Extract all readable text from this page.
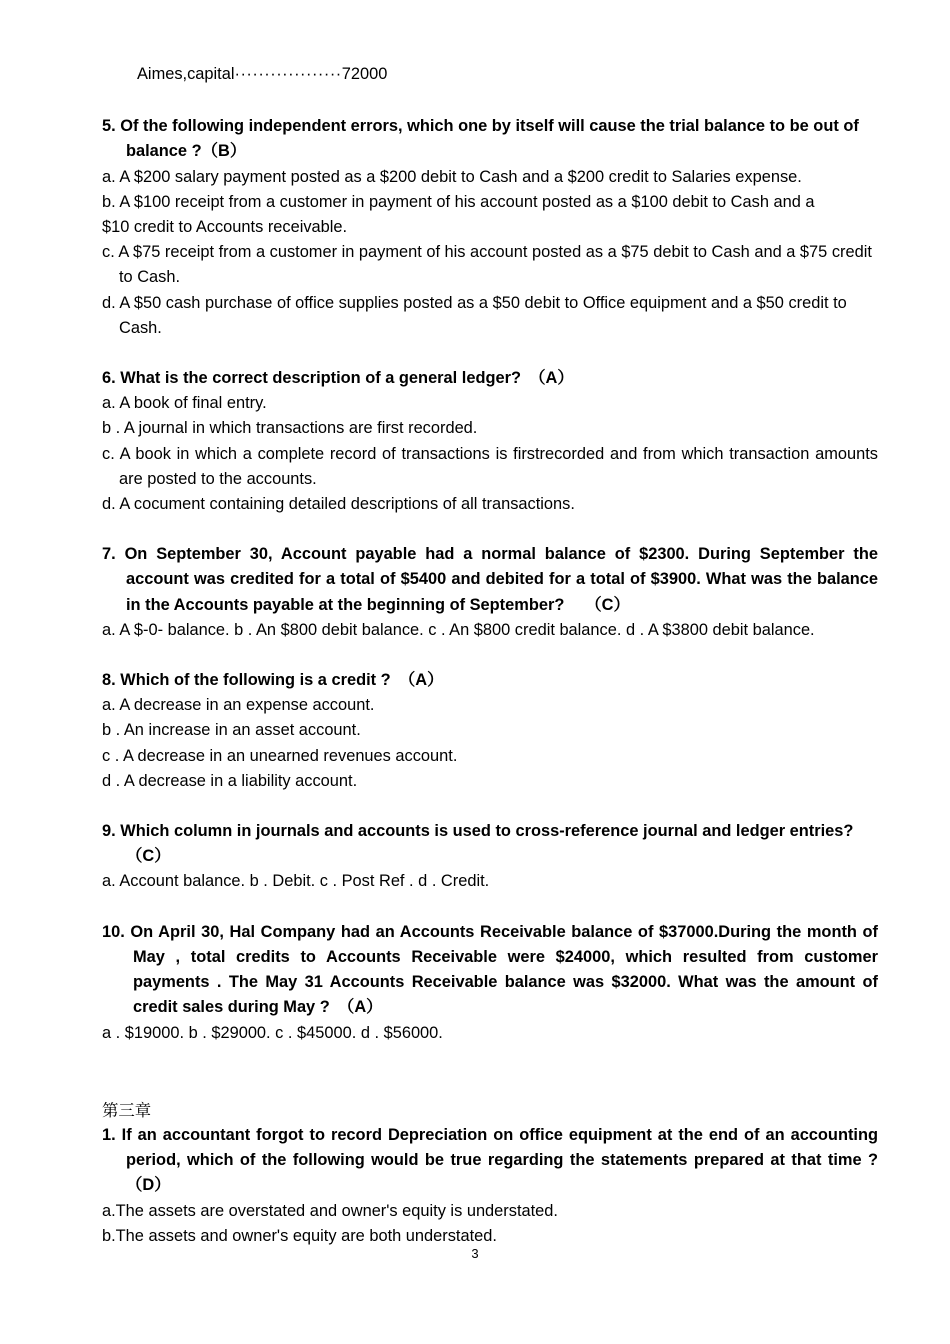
Aimes,capital··················72000

5. Of the following independent errors, which one by itself will cause the trial balance to be out of balance ?（B）

a. A $200 salary payment posted as a $200 debit to Cash and a $200 credit to Salaries expense.

b. A $100 receipt from a customer in payment of his account posted as a $100 debit to Cash and a

$10 credit to Accounts receivable.

c. A $75 receipt from a customer in payment of his account posted as a $75 debit to Cash and a $75 credit to Cash.

d. A $50 cash purchase of office supplies posted as a $50 debit to Office equipment and a $50 credit to Cash.

6. What is the correct description of a general ledger?　（A）

a. A book of final entry.

b . A journal in which transactions are first recorded.

c. A book in which a complete record of transactions is firstrecorded and from which transaction amounts are posted to the accounts.

d. A cocument containing detailed descriptions of all transactions.

7. On September 30, Account payable had a normal balance of $2300. During September the account was credited for a total of $5400 and debited for a total of $3900. What was the balance in the Accounts payable at the beginning of September?　 （C）

a. A $-0- balance. b . An $800 debit balance. c . An $800 credit balance. d . A $3800 debit balance.

8. Which of the following is a credit ?　（A）

a. A decrease in an expense account.

b . An increase in an asset account.

c . A decrease in an unearned revenues account.

d . A decrease in a liability account.

9. Which column in journals and accounts is used to cross-reference journal and ledger entries?（C）

a. Account balance. b . Debit. c . Post Ref . d . Credit.

10. On April 30, Hal Company had an Accounts Receivable balance of $37000.During the month of May , total credits to Accounts Receivable were $24000, which resulted from customer payments . The May 31 Accounts Receivable balance was $32000. What was the amount of credit sales during May ?　（A）

a . $19000. b . $29000. c . $45000. d . $56000.

第三章

1. If an accountant forgot to record Depreciation on office equipment at the end of an accounting period, which of the following would be true regarding the statements prepared at that time ?（D）

a.The assets are overstated and owner's equity is understated.

b.The assets and owner's equity are both understated.

3
